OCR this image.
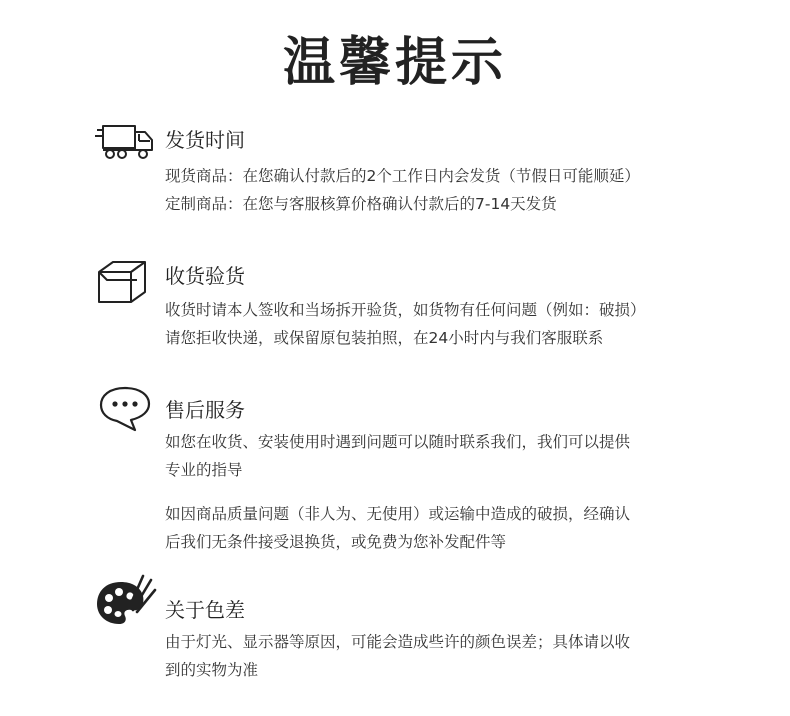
温馨提示
发货时间
现货商品：在您确认付款后的2个工作日内会发货（节假日可能顺延）
定制商品：在您与客服核算价格确认付款后的7-14天发货
收货验货
收货时请本人签收和当场拆开验货，如货物有任何问题（例如：破损）
请您拒收快递，或保留原包装拍照，在24小时内与我们客服联系
售后服务
如您在收货、安装使用时遇到问题可以随时联系我们，我们可以提供
专业的指导
如因商品质量问题（非人为、无使用）或运输中造成的破损，经确认
后我们无条件接受退换货，或免费为您补发配件等
关于色差
由于灯光、显示器等原因，可能会造成些许的颜色误差；具体请以收
到的实物为准
